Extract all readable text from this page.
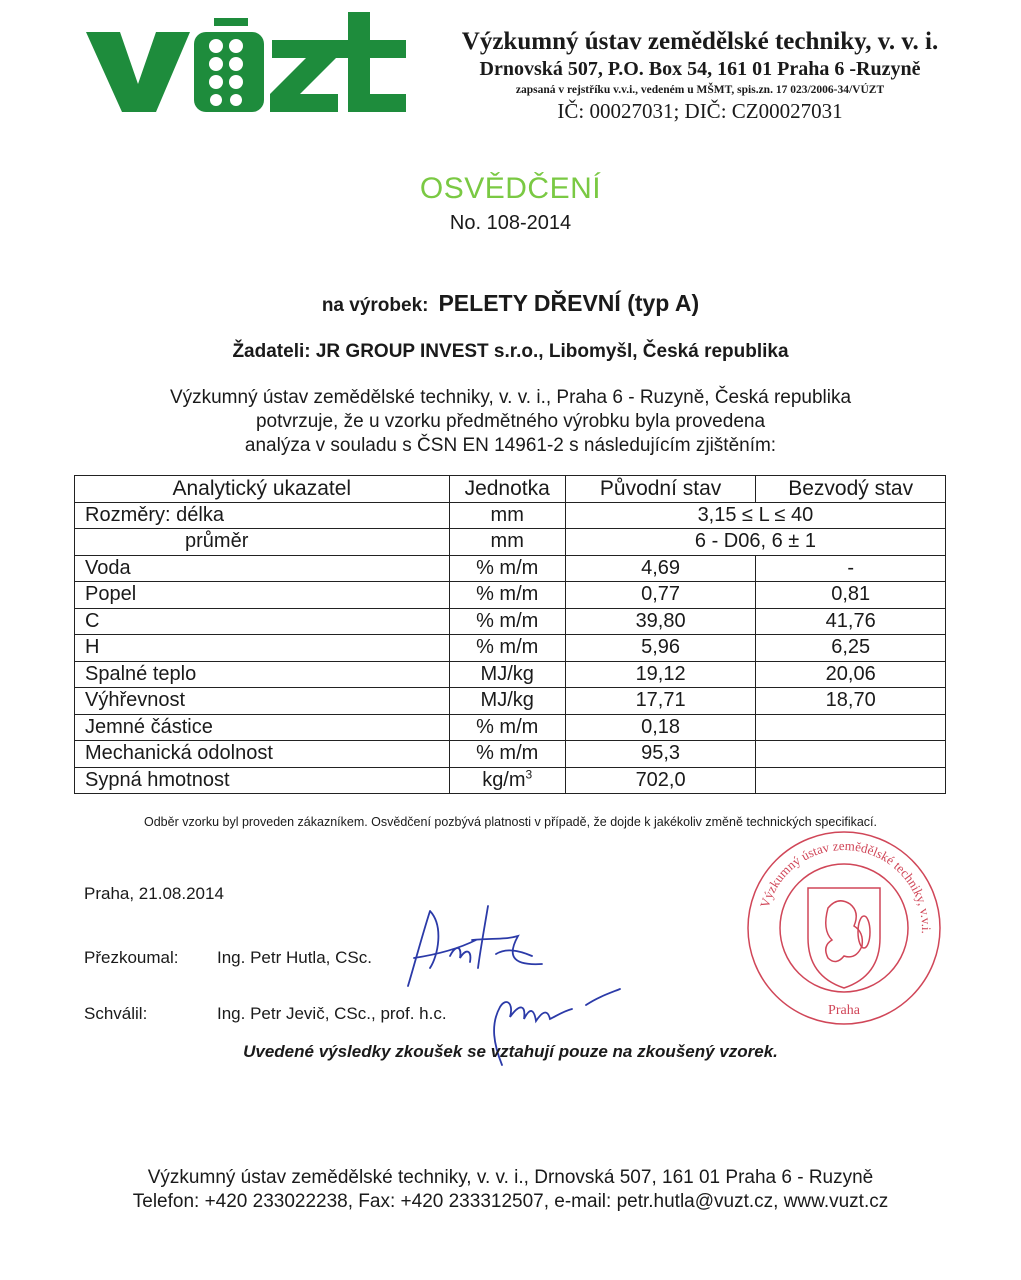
Výzkumný ústav zemědělské techniky, v. v. i.
Drnovská 507, P.O. Box 54, 161 01 Praha 6 -Ruzyně
zapsaná v rejstříku v.v.i., vedeném u MŠMT, spis.zn. 17 023/2006-34/VÚZT
IČ: 00027031; DIČ: CZ00027031
OSVĚDČENÍ
No. 108-2014
na výrobek: PELETY DŘEVNÍ (typ A)
Žadateli: JR GROUP INVEST s.r.o., Libomyšl, Česká republika
Výzkumný ústav zemědělské techniky, v. v. i., Praha 6 - Ruzyně, Česká republika
potvrzuje, že u vzorku předmětného výrobku byla provedena
analýza v souladu s ČSN EN 14961-2 s následujícím zjištěním:
Analytický ukazatel	Jednotka	Původní stav	Bezvodý stav
Rozměry: délka	mm	3,15 ≤ L ≤ 40	
průměr	mm	6 - D06, 6 ± 1	
Voda	% m/m	4,69	-
Popel	% m/m	0,77	0,81
C	% m/m	39,80	41,76
H	% m/m	5,96	6,25
Spalné teplo	MJ/kg	19,12	20,06
Výhřevnost	MJ/kg	17,71	18,70
Jemné částice	% m/m	0,18	
Mechanická odolnost	% m/m	95,3	
Sypná hmotnost	$kg/m^3$	702,0	
Odběr vzorku byl proveden zákazníkem. Osvědčení pozbývá platnosti v případě, že dojde k jakékoliv změně technických specifikací.
Praha, 21.08.2014
Přezkoumal: Ing. Petr Hutla, CSc.
Schválil:	Ing. Petr Jevič, CSc., prof. h.c.
Výzkumný ústav zemědělské techniky, v.v.i.
Praha
Uvedené výsledky zkoušek se vztahují pouze na zkoušený vzorek.
Výzkumný ústav zemědělské techniky, v. v. i., Drnovská 507, 161 01 Praha 6 - Ruzyně
Telefon: +420 233022238, Fax: +420 233312507, e-mail: petr.hutla@vuzt.cz, www.vuzt.cz
